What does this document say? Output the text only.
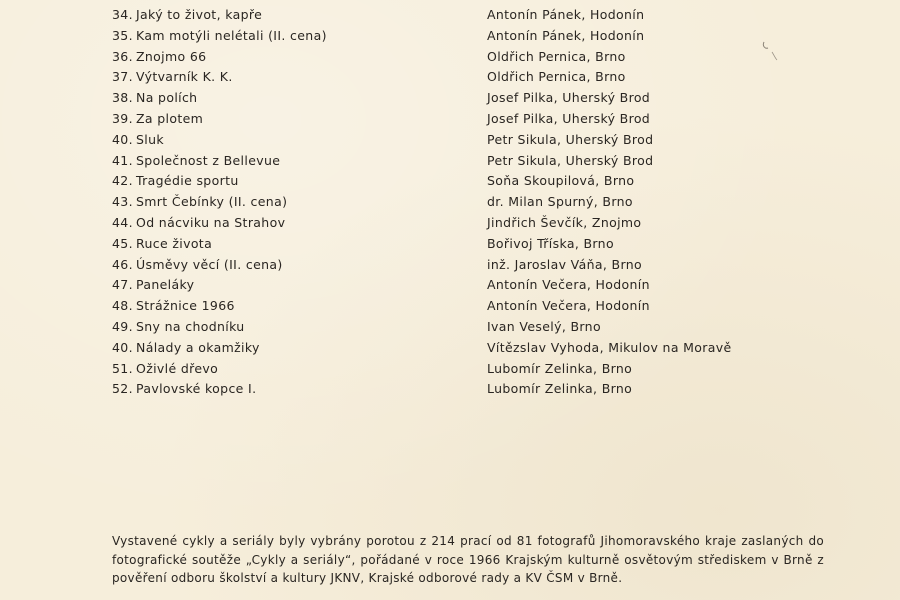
34. Jaký to život, kapře	Antonín Pánek, Hodonín
35. Kam motýli nelétali (II. cena)	Antonín Pánek, Hodonín
36. Znojmo 66	Oldřich Pernica, Brno
37. Výtvarník K. K.	Oldřich Pernica, Brno
38. Na polích	Josef Pilka, Uherský Brod
39. Za plotem	Josef Pilka, Uherský Brod
40. Sluk	Petr Sikula, Uherský Brod
41. Společnost z Bellevue	Petr Sikula, Uherský Brod
42. Tragédie sportu	Soňa Skoupilová, Brno
43. Smrt Čebínky (II. cena)	dr. Milan Spurný, Brno
44. Od nácviku na Strahov	Jindřich Ševčík, Znojmo
45. Ruce života	Bořivoj Tříska, Brno
46. Úsměvy věcí (II. cena)	inž. Jaroslav Váňa, Brno
47. Paneláky	Antonín Večera, Hodonín
48. Strážnice 1966	Antonín Večera, Hodonín
49. Sny na chodníku	Ivan Veselý, Brno
40. Nálady a okamžiky	Vítězslav Vyhoda, Mikulov na Moravě
51. Oživlé dřevo	Lubomír Zelinka, Brno
52. Pavlovské kopce I.	Lubomír Zelinka, Brno

Vystavené cykly a seriály byly vybrány porotou z 214 prací od 81 fotografů Jihomoravského kraje zaslaných do fotografické soutěže „Cykly a seriály“, pořádané v roce 1966 Krajským kulturně osvětovým střediskem v Brně z pověření odboru školství a kultury JKNV, Krajské odborové rady a KV ČSM v Brně.
